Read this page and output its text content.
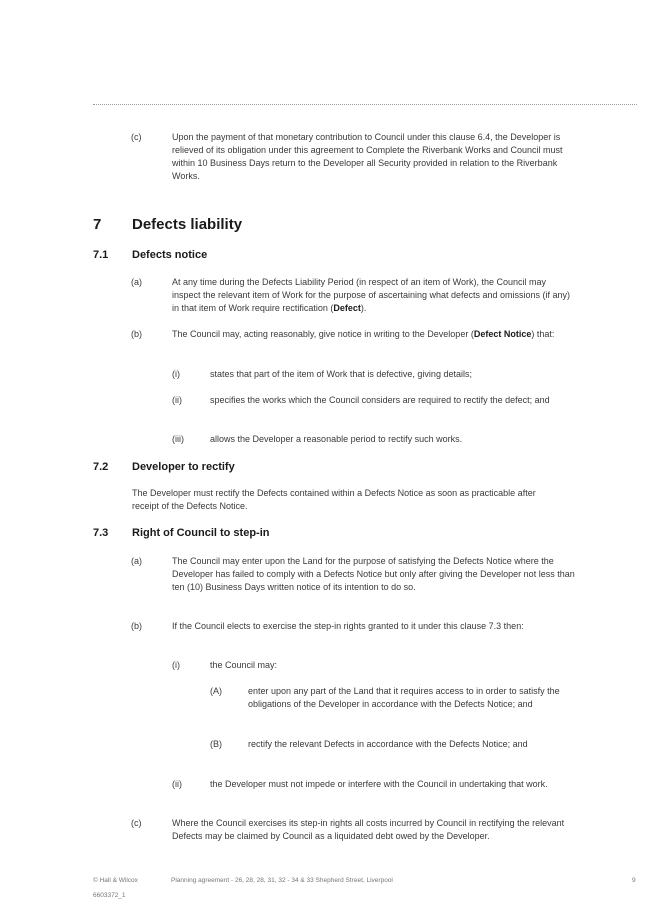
(c)	Upon the payment of that monetary contribution to Council under this clause 6.4, the Developer is relieved of its obligation under this agreement to Complete the Riverbank Works and Council must within 10 Business Days return to the Developer all Security provided in relation to the Riverbank Works.

7 Defects liability
7.1 Defects notice
(a)	At any time during the Defects Liability Period (in respect of an item of Work), the Council may inspect the relevant item of Work for the purpose of ascertaining what defects and omissions (if any) in that item of Work require rectification (Defect).

(b)	The Council may, acting reasonably, give notice in writing to the Developer (Defect Notice) that:

(i)	states that part of the item of Work that is defective, giving details;

(ii)	specifies the works which the Council considers are required to rectify the defect; and

(iii)	allows the Developer a reasonable period to rectify such works.

7.2 Developer to rectify

The Developer must rectify the Defects contained within a Defects Notice as soon as practicable after receipt of the Defects Notice.

7.3 Right of Council to step-in
(a)	The Council may enter upon the Land for the purpose of satisfying the Defects Notice where the Developer has failed to comply with a Defects Notice but only after giving the Developer not less than ten (10) Business Days written notice of its intention to do so.

(b)	If the Council elects to exercise the step-in rights granted to it under this clause 7.3 then:

(i)	the Council may:

(A)	enter upon any part of the Land that it requires access to in order to satisfy the obligations of the Developer in accordance with the Defects Notice; and

(B)	rectify the relevant Defects in accordance with the Defects Notice; and

(ii)	the Developer must not impede or interfere with the Council in undertaking that work.

(c)	Where the Council exercises its step-in rights all costs incurred by Council in rectifying the relevant Defects may be claimed by Council as a liquidated debt owed by the Developer.

© Hall & Wilcox	Planning agreement - 26, 28, 28, 31, 32 - 34 & 33 Shepherd Street, Liverpool	9
6603372_1
